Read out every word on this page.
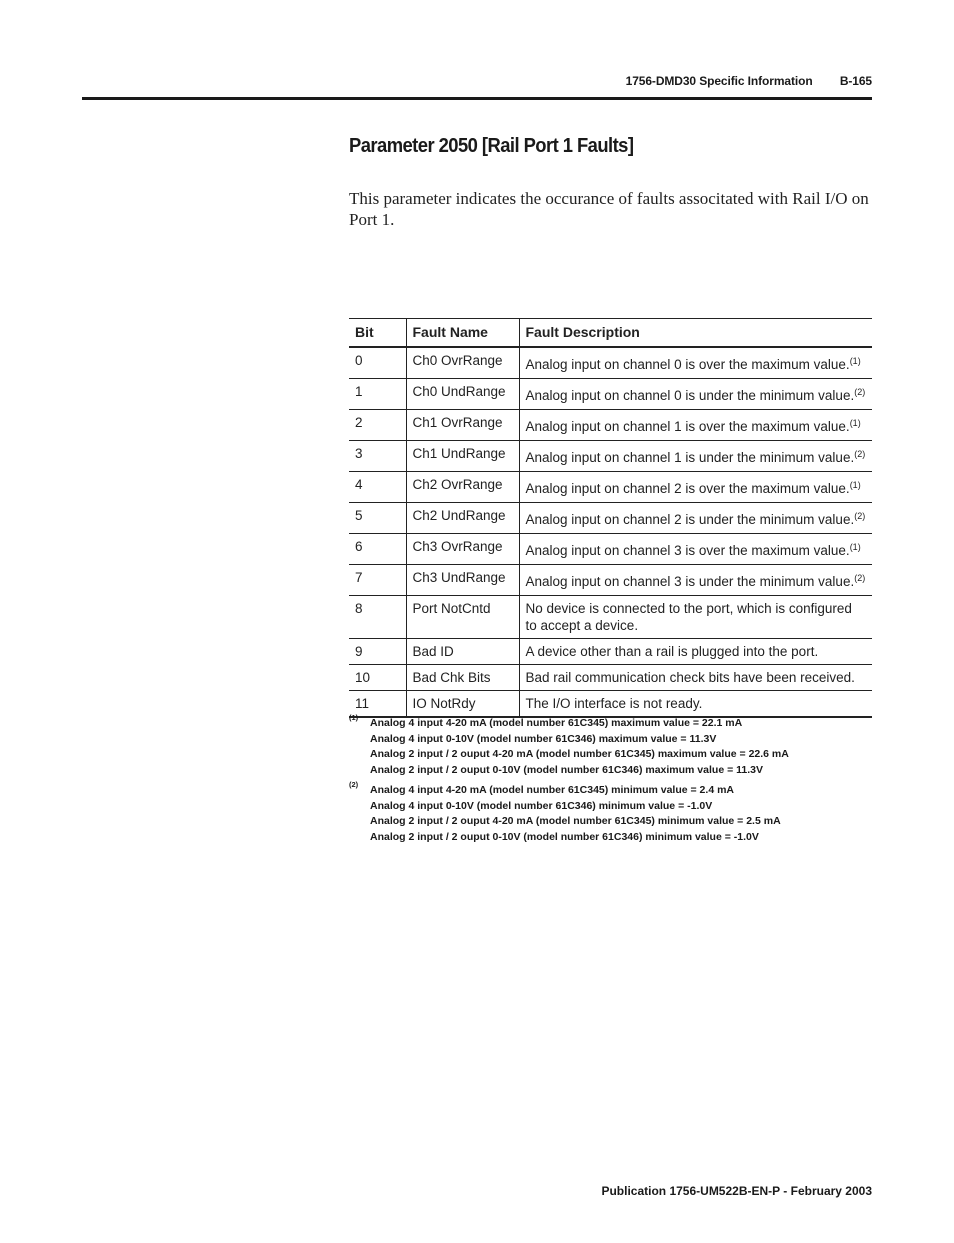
1756-DMD30 Specific Information B-165
Parameter 2050 [Rail Port 1 Faults]
This parameter indicates the occurance of faults associtated with Rail I/O on Port 1.
Bit	Fault Name	Fault Description
0	Ch0 OvrRange	Analog input on channel 0 is over the maximum value.$^{(1)}$
1	Ch0 UndRange	Analog input on channel 0 is under the minimum value.$^{(2)}$
2	Ch1 OvrRange	Analog input on channel 1 is over the maximum value.$^{(1)}$
3	Ch1 UndRange	Analog input on channel 1 is under the minimum value.$^{(2)}$
4	Ch2 OvrRange	Analog input on channel 2 is over the maximum value.$^{(1)}$
5	Ch2 UndRange	Analog input on channel 2 is under the minimum value.$^{(2)}$
6	Ch3 OvrRange	Analog input on channel 3 is over the maximum value.$^{(1)}$
7	Ch3 UndRange	Analog input on channel 3 is under the minimum value.$^{(2)}$
8	Port NotCntd	No device is connected to the port, which is configured to accept a device.
9	Bad ID	A device other than a rail is plugged into the port.
10	Bad Chk Bits	Bad rail communication check bits have been received.
11	IO NotRdy	The I/O interface is not ready.
(1) Analog 4 input 4-20 mA (model number 61C345) maximum value = 22.1 mA
Analog 4 input 0-10V (model number 61C346) maximum value = 11.3V
Analog 2 input / 2 ouput 4-20 mA (model number 61C345) maximum value = 22.6 mA
Analog 2 input / 2 ouput 0-10V (model number 61C346) maximum value = 11.3V
(2) Analog 4 input 4-20 mA (model number 61C345) minimum value = 2.4 mA
Analog 4 input 0-10V (model number 61C346) minimum value = -1.0V
Analog 2 input / 2 ouput 4-20 mA (model number 61C345) minimum value = 2.5 mA
Analog 2 input / 2 ouput 0-10V (model number 61C346) minimum value = -1.0V
Publication 1756-UM522B-EN-P - February 2003
